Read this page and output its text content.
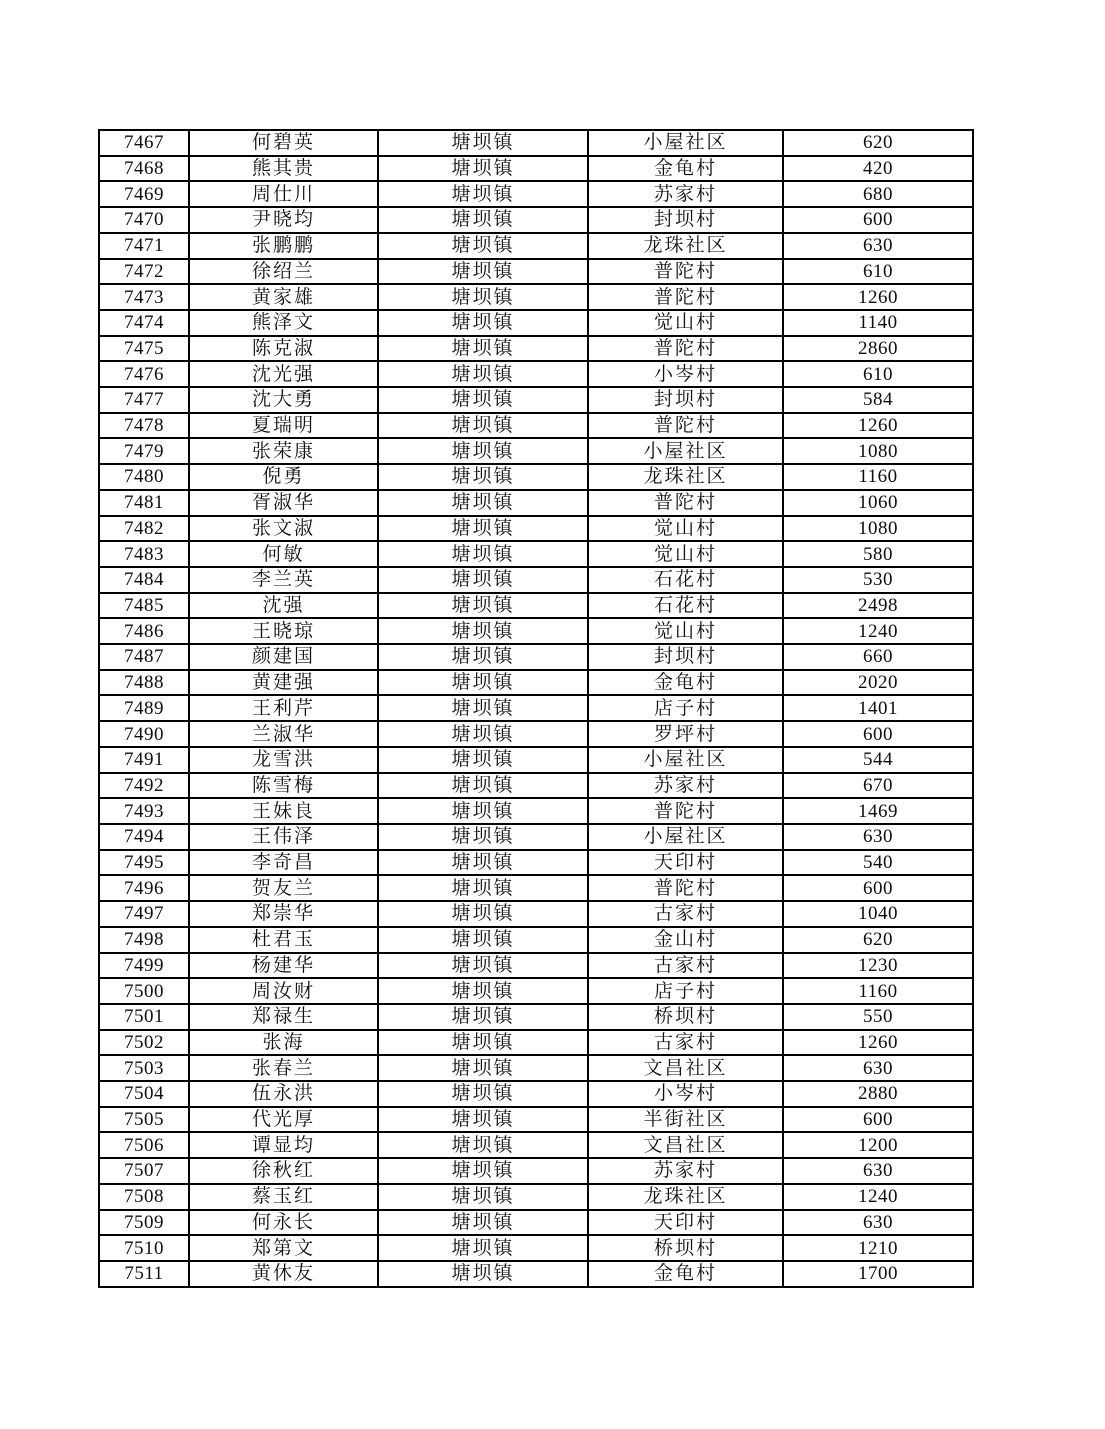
7467	何碧英	塘坝镇	小屋社区	620
7468	熊其贵	塘坝镇	金龟村	420
7469	周仕川	塘坝镇	苏家村	680
7470	尹晓均	塘坝镇	封坝村	600
7471	张鹏鹏	塘坝镇	龙珠社区	630
7472	徐绍兰	塘坝镇	普陀村	610
7473	黄家雄	塘坝镇	普陀村	1260
7474	熊泽文	塘坝镇	觉山村	1140
7475	陈克淑	塘坝镇	普陀村	2860
7476	沈光强	塘坝镇	小岑村	610
7477	沈大勇	塘坝镇	封坝村	584
7478	夏瑞明	塘坝镇	普陀村	1260
7479	张荣康	塘坝镇	小屋社区	1080
7480	倪勇	塘坝镇	龙珠社区	1160
7481	胥淑华	塘坝镇	普陀村	1060
7482	张文淑	塘坝镇	觉山村	1080
7483	何敏	塘坝镇	觉山村	580
7484	李兰英	塘坝镇	石花村	530
7485	沈强	塘坝镇	石花村	2498
7486	王晓琼	塘坝镇	觉山村	1240
7487	颜建国	塘坝镇	封坝村	660
7488	黄建强	塘坝镇	金龟村	2020
7489	王利芹	塘坝镇	店子村	1401
7490	兰淑华	塘坝镇	罗坪村	600
7491	龙雪洪	塘坝镇	小屋社区	544
7492	陈雪梅	塘坝镇	苏家村	670
7493	王妹良	塘坝镇	普陀村	1469
7494	王伟泽	塘坝镇	小屋社区	630
7495	李奇昌	塘坝镇	天印村	540
7496	贺友兰	塘坝镇	普陀村	600
7497	郑崇华	塘坝镇	古家村	1040
7498	杜君玉	塘坝镇	金山村	620
7499	杨建华	塘坝镇	古家村	1230
7500	周汝财	塘坝镇	店子村	1160
7501	郑禄生	塘坝镇	桥坝村	550
7502	张海	塘坝镇	古家村	1260
7503	张春兰	塘坝镇	文昌社区	630
7504	伍永洪	塘坝镇	小岑村	2880
7505	代光厚	塘坝镇	半街社区	600
7506	谭显均	塘坝镇	文昌社区	1200
7507	徐秋红	塘坝镇	苏家村	630
7508	蔡玉红	塘坝镇	龙珠社区	1240
7509	何永长	塘坝镇	天印村	630
7510	郑第文	塘坝镇	桥坝村	1210
7511	黄休友	塘坝镇	金龟村	1700
